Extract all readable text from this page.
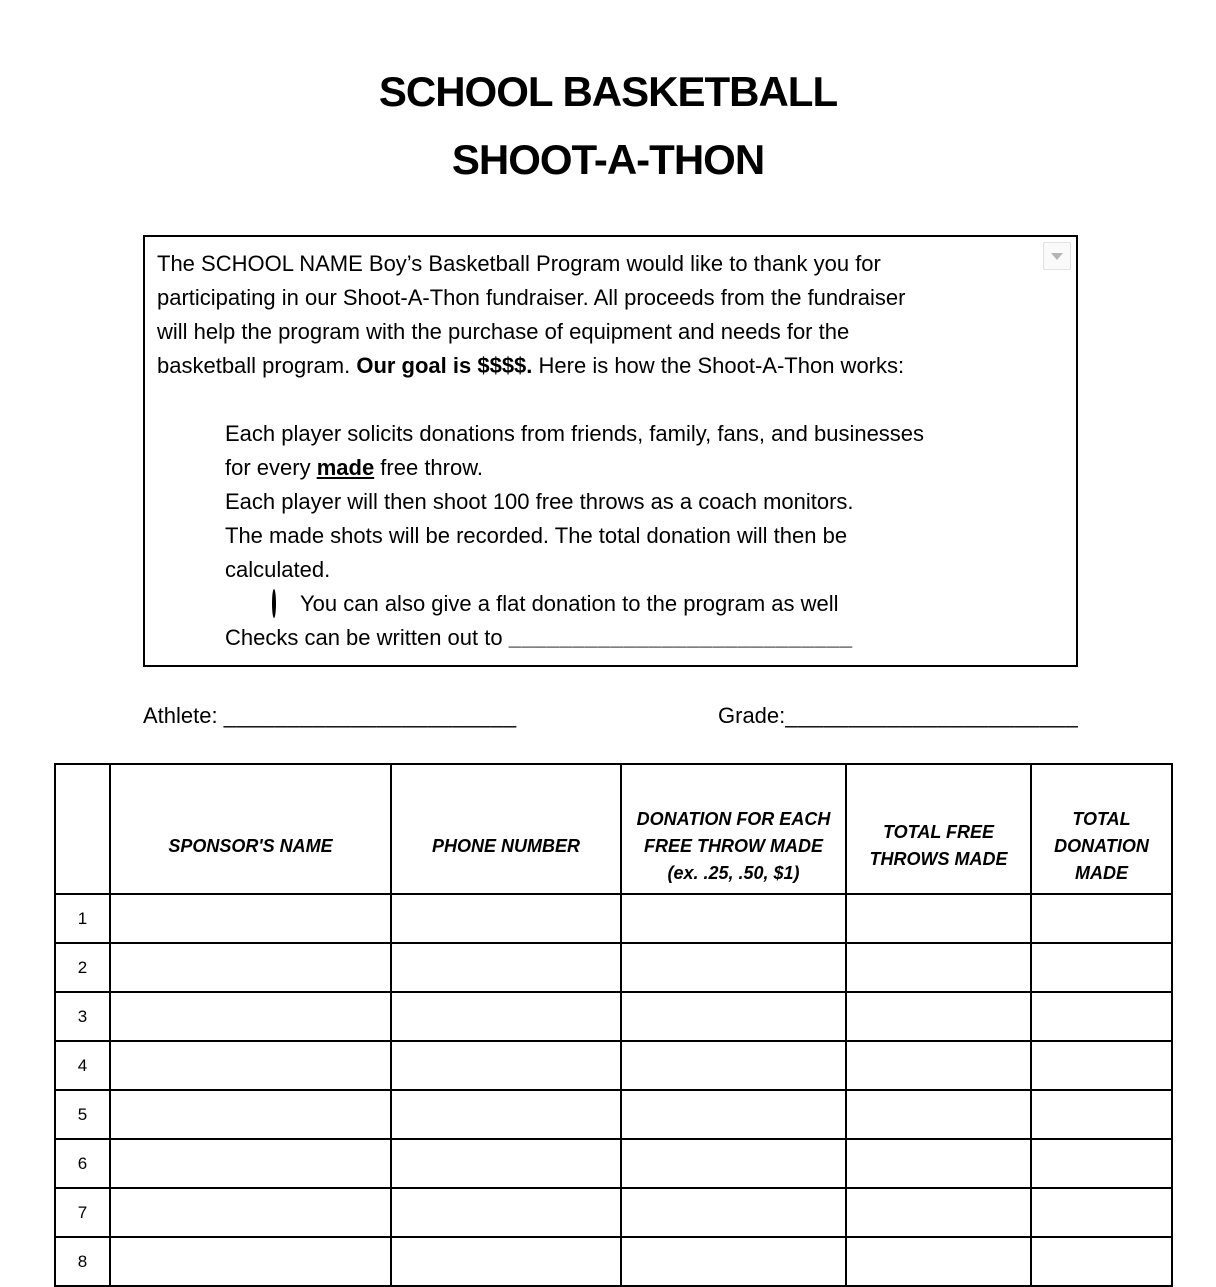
SCHOOL BASKETBALL
SHOOT-A-THON
The SCHOOL NAME Boy’s Basketball Program would like to thank you for
participating in our Shoot-A-Thon fundraiser. All proceeds from the fundraiser
will help the program with the purchase of equipment and needs for the
basketball program. Our goal is $$$$. Here is how the Shoot-A-Thon works:
Each player solicits donations from friends, family, fans, and businesses
for every made free throw.
Each player will then shoot 100 free throws as a coach monitors.
The made shots will be recorded. The total donation will then be
calculated.
You can also give a flat donation to the program as well
Checks can be written out to ___________________________
Athlete: _______________________	Grade:_______________________

	SPONSOR'S NAME	PHONE NUMBER	DONATION FOR EACH
FREE THROW MADE
(ex. .25, .50, $1)	TOTAL FREE
THROWS MADE	TOTAL
DONATION
MADE

1					
2					
3					
4					
5					
6					
7					
8					
